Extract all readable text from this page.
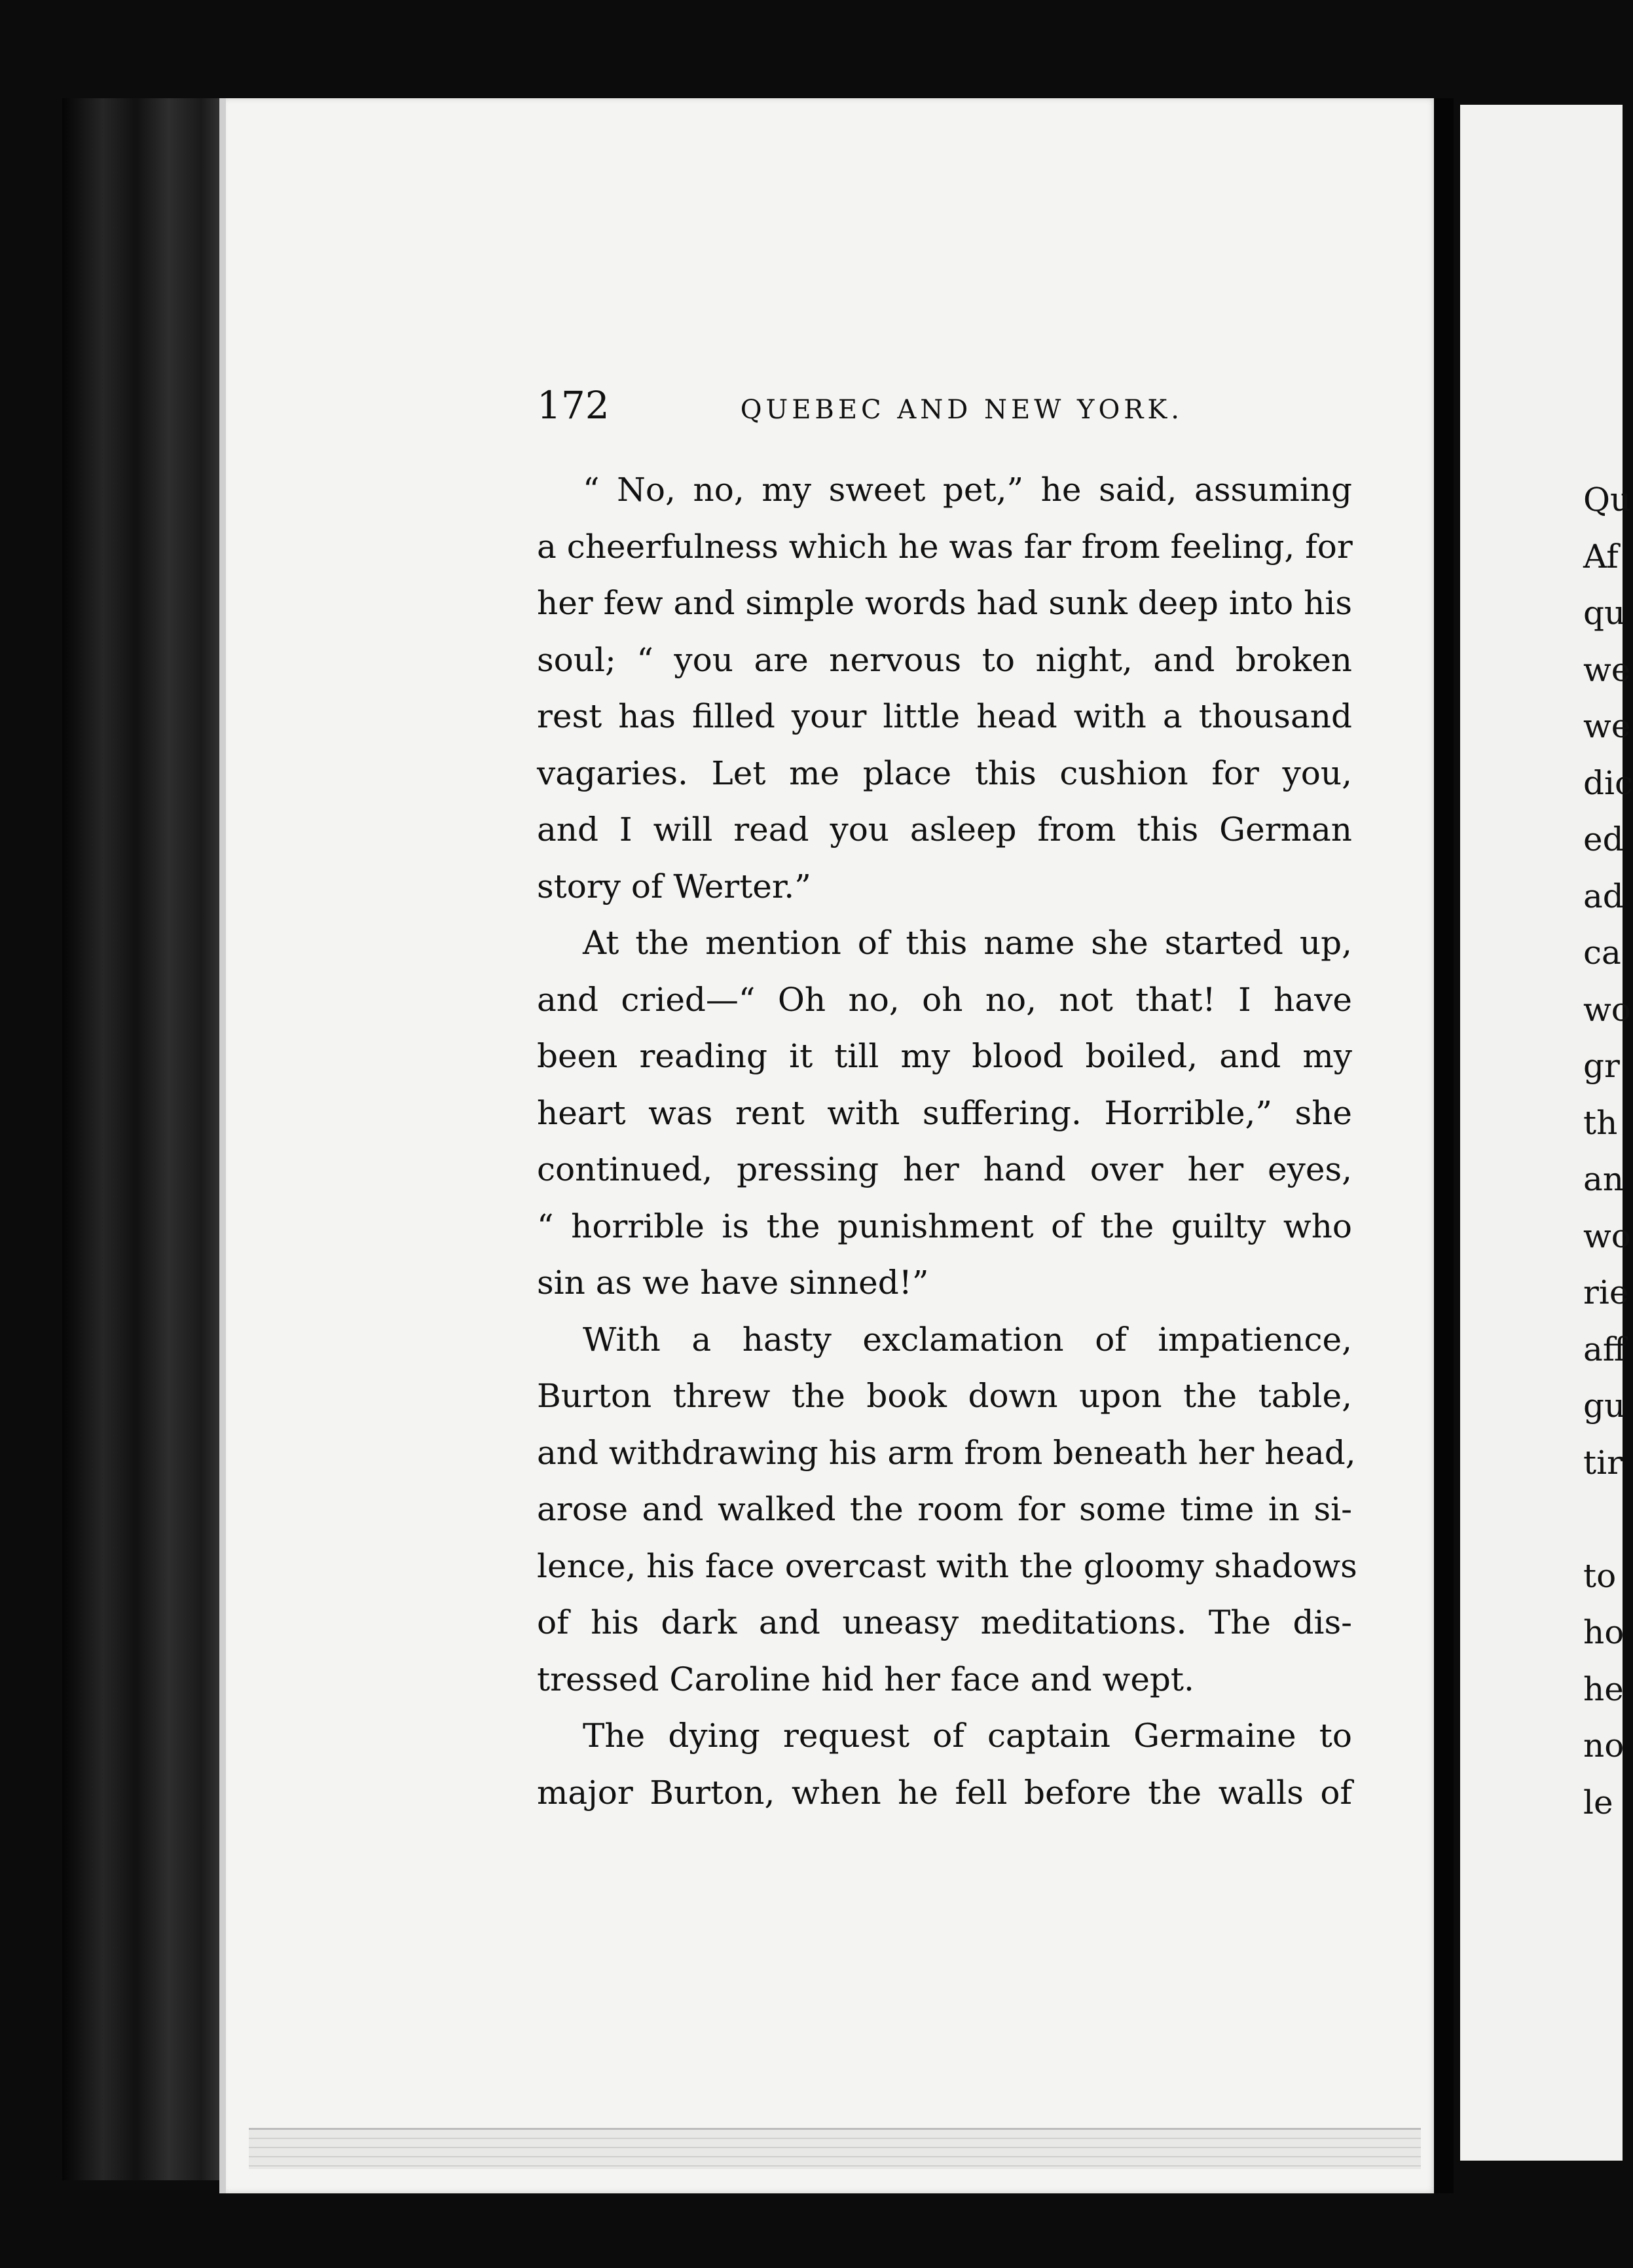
172	QUEBEC AND NEW YORK.
“ No, no, my sweet pet,” he said, assuming
a cheerfulness which he was far from feeling, for
her few and simple words had sunk deep into his
soul; “ you are nervous to night, and broken
rest has filled your little head with a thousand
vagaries. Let me place this cushion for you,
and I will read you asleep from this German
story of Werter.”
At the mention of this name she started up,
and cried—“ Oh no, oh no, not that! I have
been reading it till my blood boiled, and my
heart was rent with suffering. Horrible,” she
continued, pressing her hand over her eyes,
“ horrible is the punishment of the guilty who
sin as we have sinned!”
With a hasty exclamation of impatience,
Burton threw the book down upon the table,
and withdrawing his arm from beneath her head,
arose and walked the room for some time in si-
lence, his face overcast with the gloomy shadows
of his dark and uneasy meditations. The dis-
tressed Caroline hid her face and wept.
The dying request of captain Germaine to
major Burton, when he fell before the walls of
Qu
Af
qu
we
we
dic
ed
ad
ca
wo
gr
th
an
wo
rie
aff
gu
tir
to
ho
he
no
le
